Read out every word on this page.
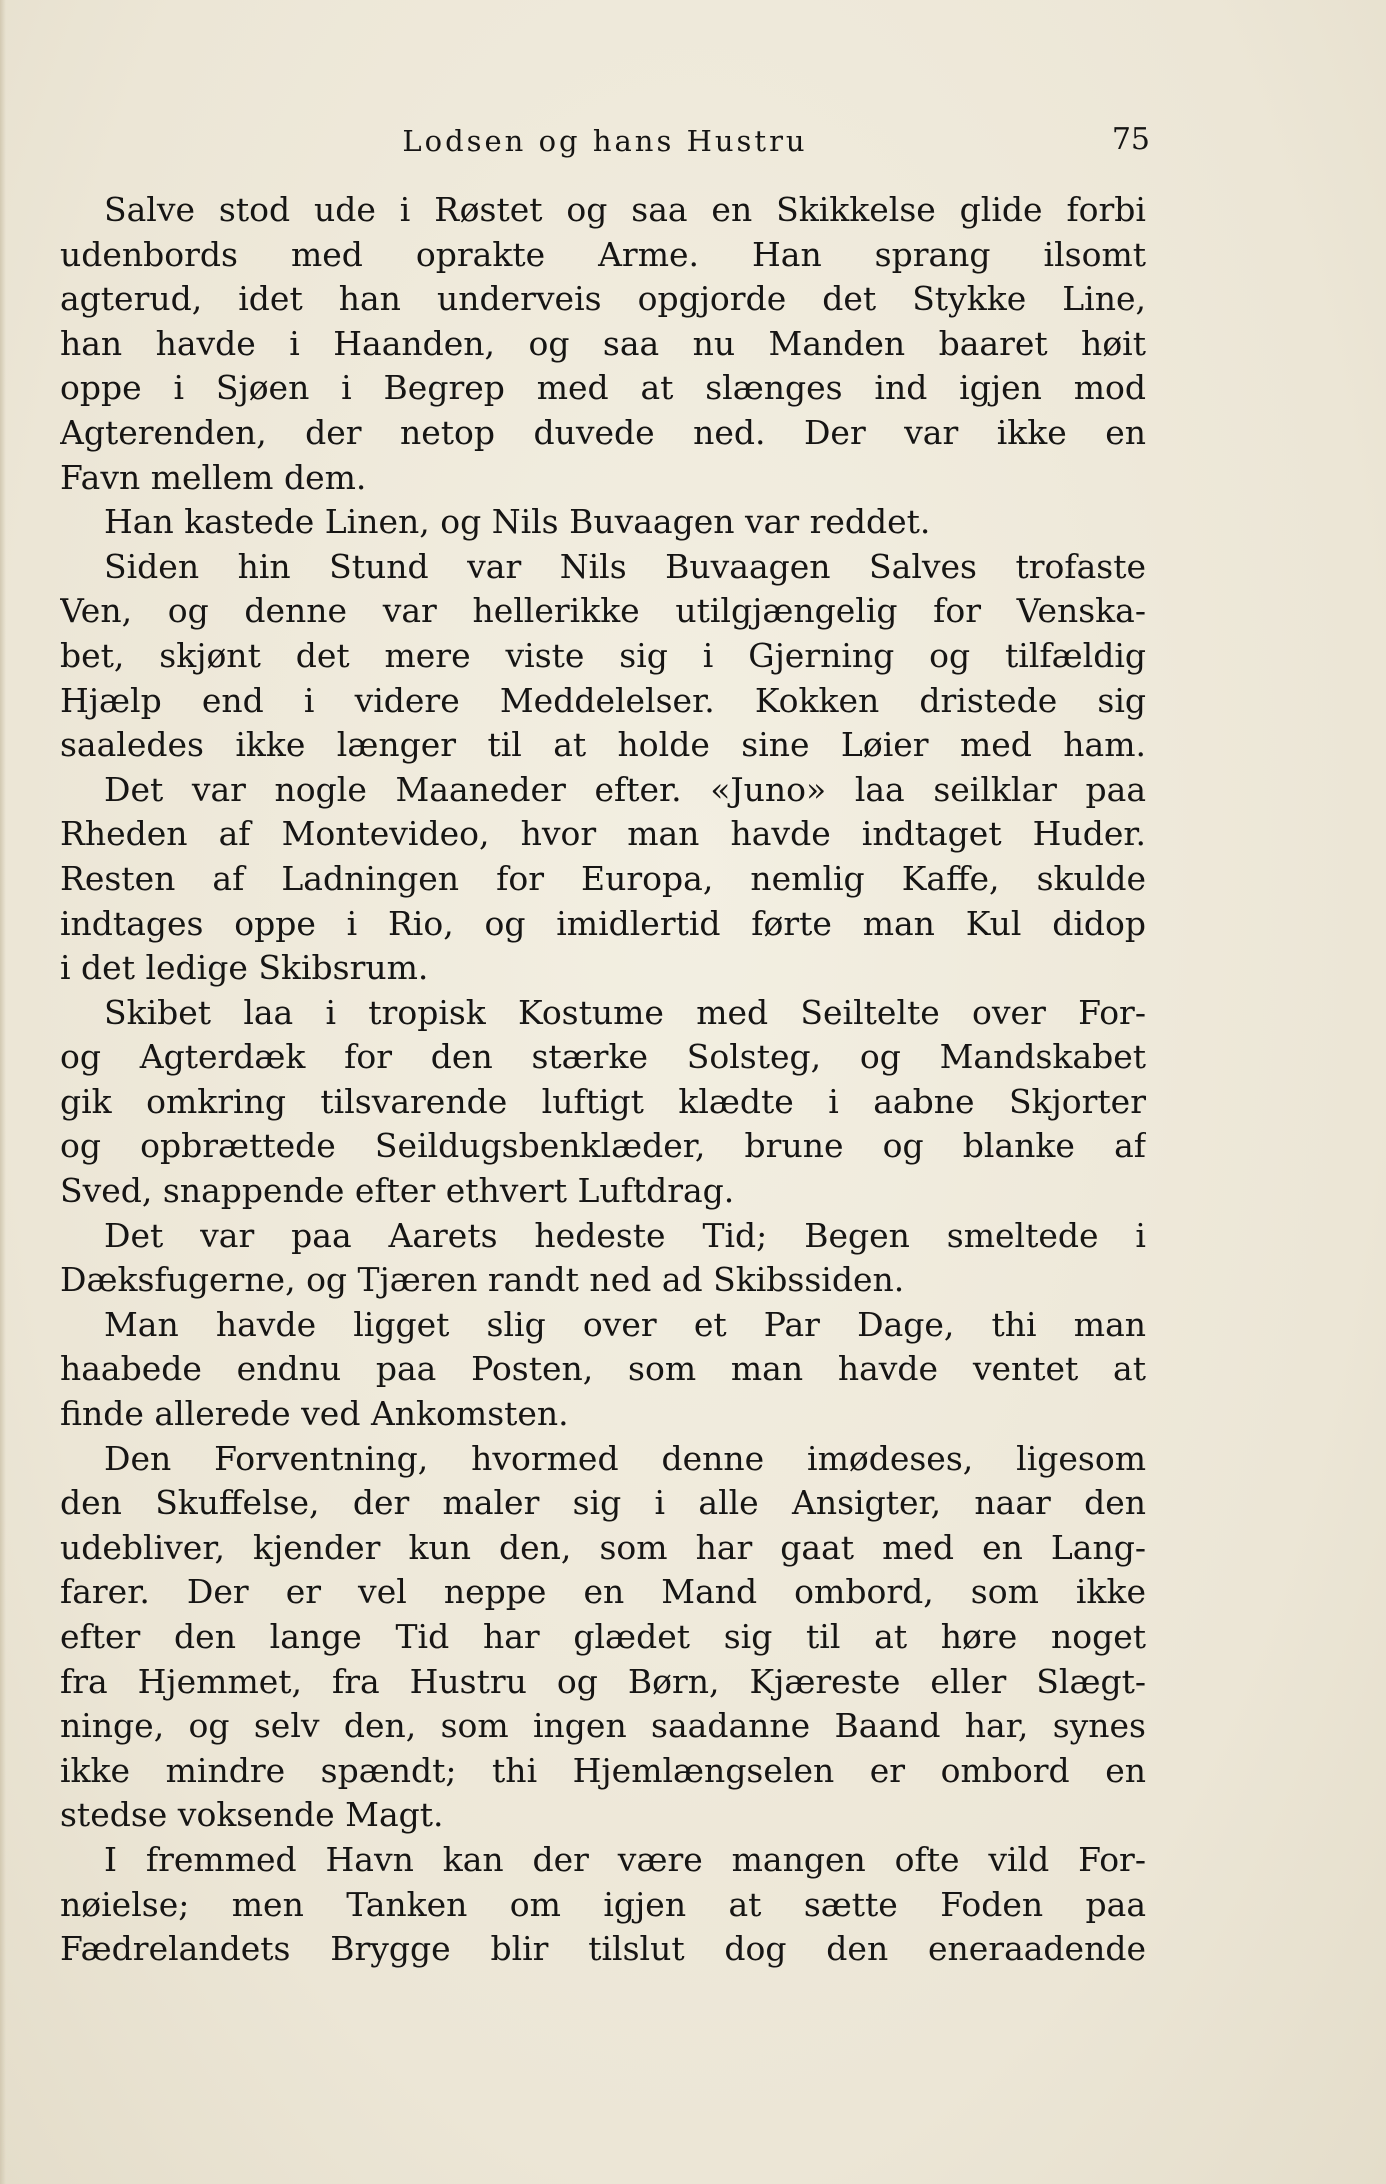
Lodsen og hans Hustru	75
Salve stod ude i Røstet og saa en Skikkelse glide forbi
udenbords med oprakte Arme. Han sprang ilsomt
agterud, idet han underveis opgjorde det Stykke Line,
han havde i Haanden, og saa nu Manden baaret høit
oppe i Sjøen i Begrep med at slænges ind igjen mod
Agterenden, der netop duvede ned. Der var ikke en
Favn mellem dem.
Han kastede Linen, og Nils Buvaagen var reddet.
Siden hin Stund var Nils Buvaagen Salves trofaste
Ven, og denne var hellerikke utilgjængelig for Venska-
bet, skjønt det mere viste sig i Gjerning og tilfældig
Hjælp end i videre Meddelelser. Kokken dristede sig
saaledes ikke længer til at holde sine Løier med ham.
Det var nogle Maaneder efter. «Juno» laa seilklar paa
Rheden af Montevideo, hvor man havde indtaget Huder.
Resten af Ladningen for Europa, nemlig Kaffe, skulde
indtages oppe i Rio, og imidlertid førte man Kul didop
i det ledige Skibsrum.
Skibet laa i tropisk Kostume med Seiltelte over For-
og Agterdæk for den stærke Solsteg, og Mandskabet
gik omkring tilsvarende luftigt klædte i aabne Skjorter
og opbrættede Seildugsbenklæder, brune og blanke af
Sved, snappende efter ethvert Luftdrag.
Det var paa Aarets hedeste Tid; Begen smeltede i
Dæksfugerne, og Tjæren randt ned ad Skibssiden.
Man havde ligget slig over et Par Dage, thi man
haabede endnu paa Posten, som man havde ventet at
finde allerede ved Ankomsten.
Den Forventning, hvormed denne imødeses, ligesom
den Skuffelse, der maler sig i alle Ansigter, naar den
udebliver, kjender kun den, som har gaat med en Lang-
farer. Der er vel neppe en Mand ombord, som ikke
efter den lange Tid har glædet sig til at høre noget
fra Hjemmet, fra Hustru og Børn, Kjæreste eller Slægt-
ninge, og selv den, som ingen saadanne Baand har, synes
ikke mindre spændt; thi Hjemlængselen er ombord en
stedse voksende Magt.
I fremmed Havn kan der være mangen ofte vild For-
nøielse; men Tanken om igjen at sætte Foden paa
Fædrelandets Brygge blir tilslut dog den eneraadende
